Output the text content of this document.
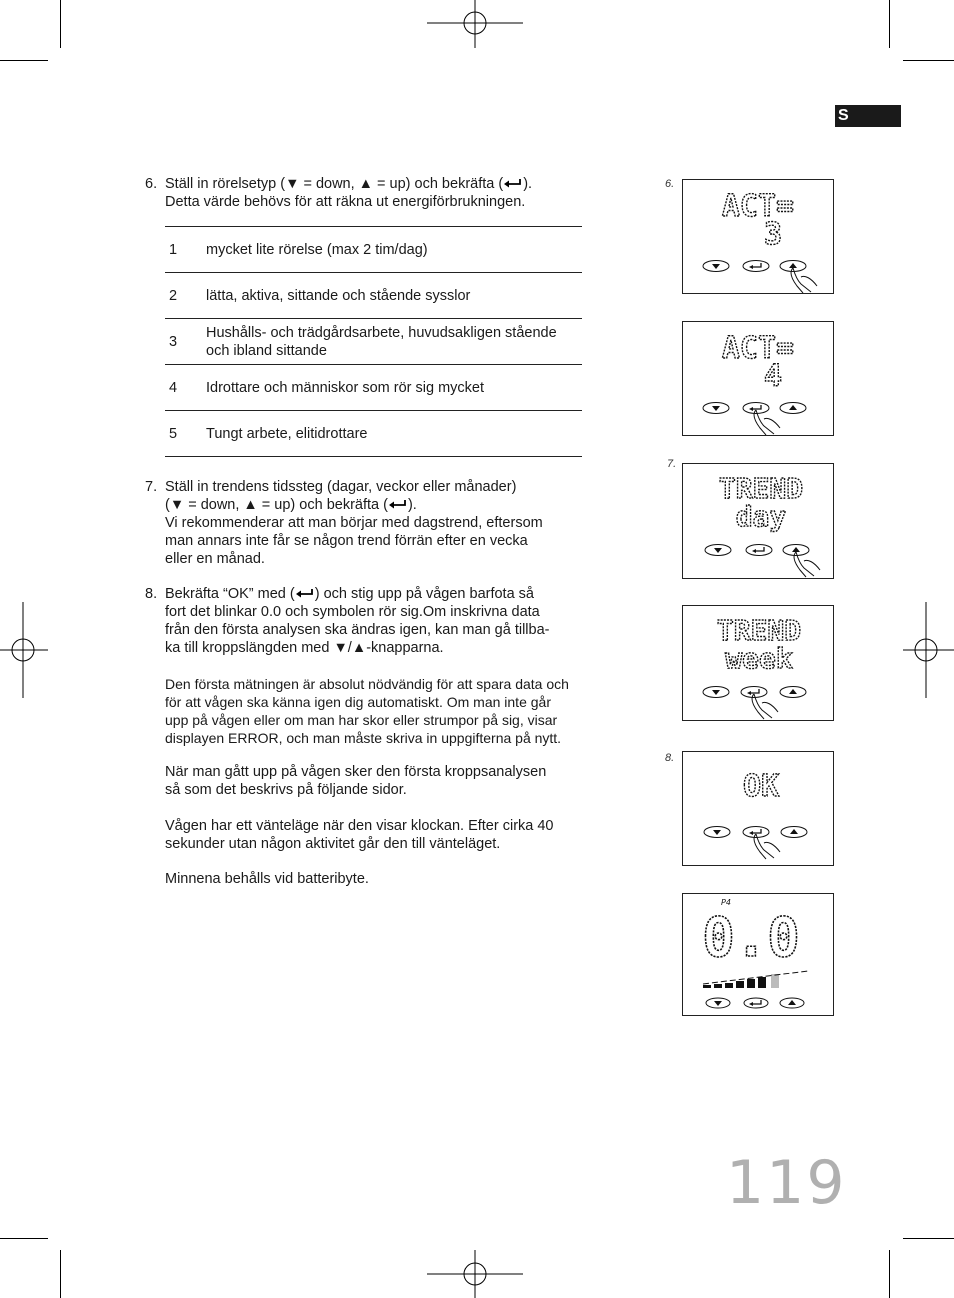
S
6. Ställ in rörelsetyp (▼ = down, ▲ = up) och bekräfta ( ).
Detta värde behövs för att räkna ut energiförbrukningen.
1 mycket lite rörelse (max 2 tim/dag)
2 lätta, aktiva, sittande och stående sysslor
3
Hushålls- och trädgårdsarbete, huvudsakligen stående och ibland sittande
4 Idrottare och människor som rör sig mycket
5 Tungt arbete, elitidrottare
7. Ställ in trendens tidssteg (dagar, veckor eller månader)
(▼ = down, ▲ = up) och bekräfta ( ).
Vi rekommenderar att man börjar med dagstrend, eftersom
man annars inte får se någon trend förrän efter en vecka
eller en månad.
8. Bekräfta “OK” med ( ) och stig upp på vågen barfota så
fort det blinkar 0.0 och symbolen rör sig.Om inskrivna data
från den första analysen ska ändras igen, kan man gå tillba-
ka till kroppslängden med ▼/▲-knapparna.
Den första mätningen är absolut nödvändig för att spara data och
för att vågen ska känna igen dig automatiskt. Om man inte går
upp på vågen eller om man har skor eller strumpor på sig, visar
displayen ERROR, och man måste skriva in uppgifterna på nytt.
När man gått upp på vågen sker den första kroppsanalysen
så som det beskrivs på följande sidor.
Vågen har ett vänteläge när den visar klockan. Efter cirka 40
sekunder utan någon aktivitet går den till vänteläget.
Minnena behålls vid batteribyte.
6.
7.
8.
ACT=
3
ACT=
4
TREND
day
TREND
week
OK
P4
0.0
119
